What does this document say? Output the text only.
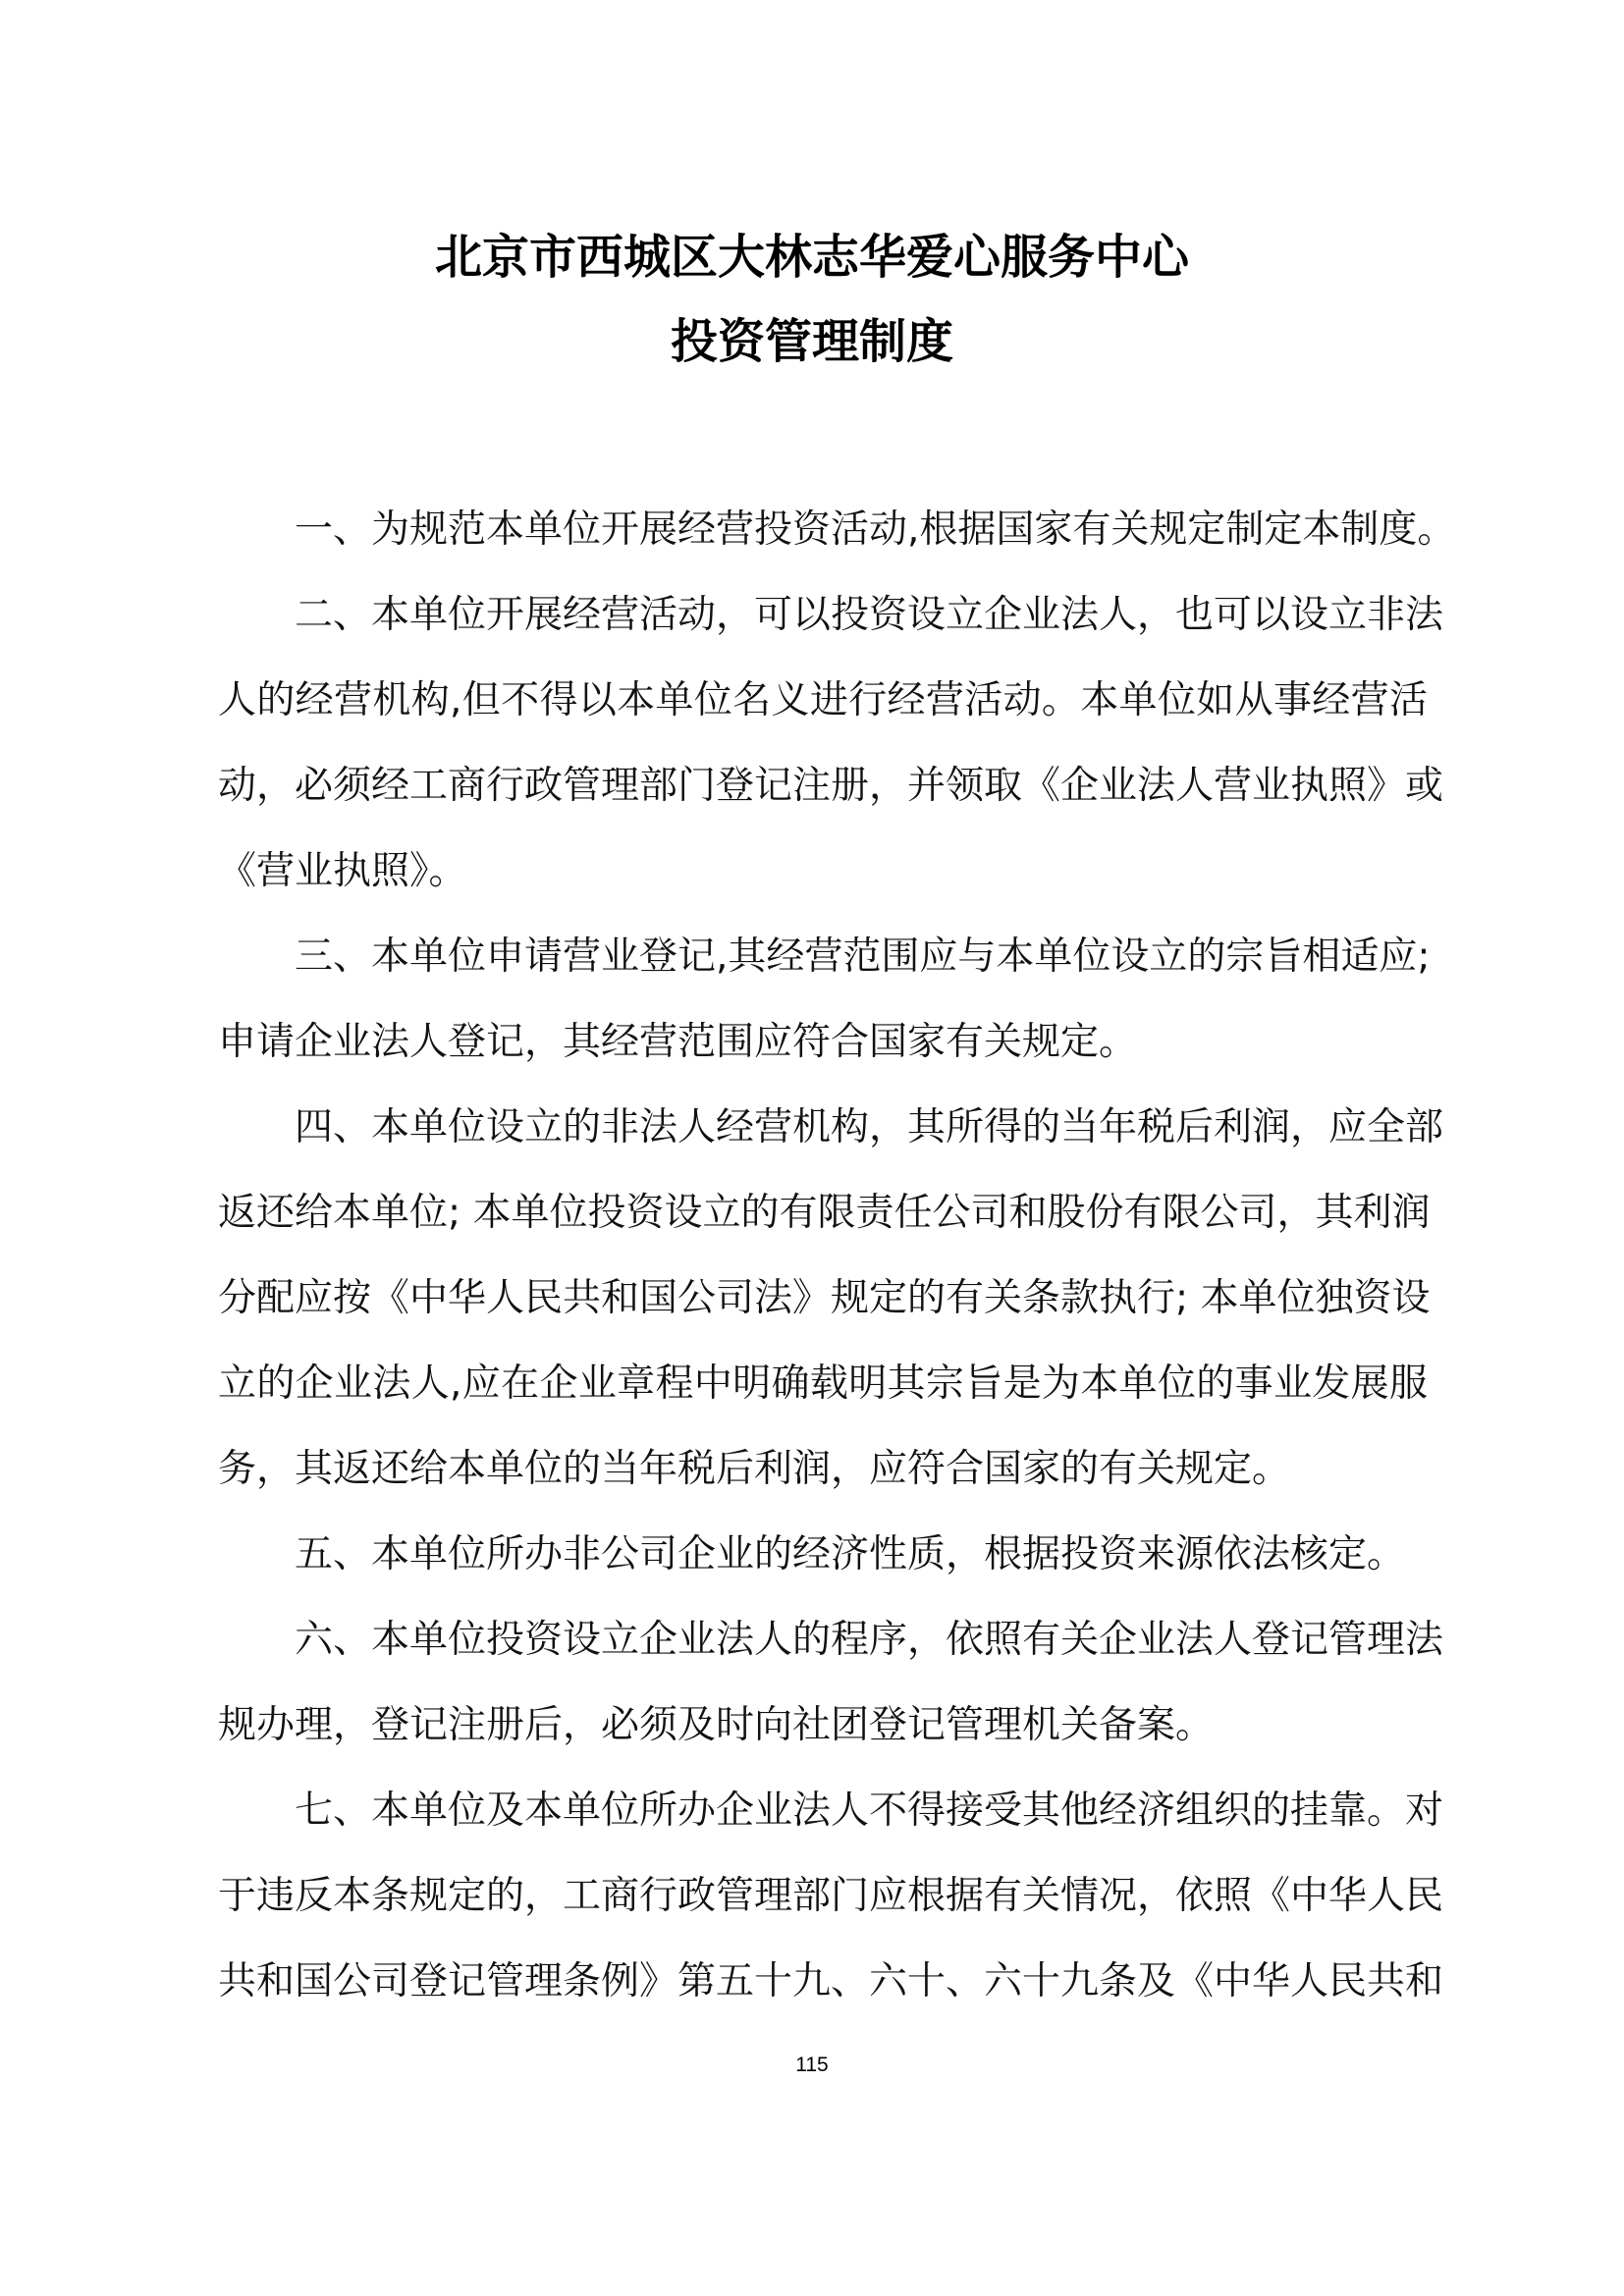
北京市西城区大林志华爱心服务中心
投资管理制度
一、为规范本单位开展经营投资活动,根据国家有关规定制定本制度。
二、本单位开展经营活动，可以投资设立企业法人，也可以设立非法
人的经营机构,但不得以本单位名义进行经营活动。本单位如从事经营活
动，必须经工商行政管理部门登记注册，并领取《企业法人营业执照》或
《营业执照》。
三、本单位申请营业登记,其经营范围应与本单位设立的宗旨相适应;
申请企业法人登记，其经营范围应符合国家有关规定。
四、本单位设立的非法人经营机构，其所得的当年税后利润，应全部
返还给本单位; 本单位投资设立的有限责任公司和股份有限公司，其利润
分配应按《中华人民共和国公司法》规定的有关条款执行; 本单位独资设
立的企业法人,应在企业章程中明确载明其宗旨是为本单位的事业发展服
务，其返还给本单位的当年税后利润，应符合国家的有关规定。
五、本单位所办非公司企业的经济性质，根据投资来源依法核定。
六、本单位投资设立企业法人的程序，依照有关企业法人登记管理法
规办理，登记注册后，必须及时向社团登记管理机关备案。
七、本单位及本单位所办企业法人不得接受其他经济组织的挂靠。对
于违反本条规定的，工商行政管理部门应根据有关情况，依照《中华人民
共和国公司登记管理条例》第五十九、六十、六十九条及《中华人民共和
115
